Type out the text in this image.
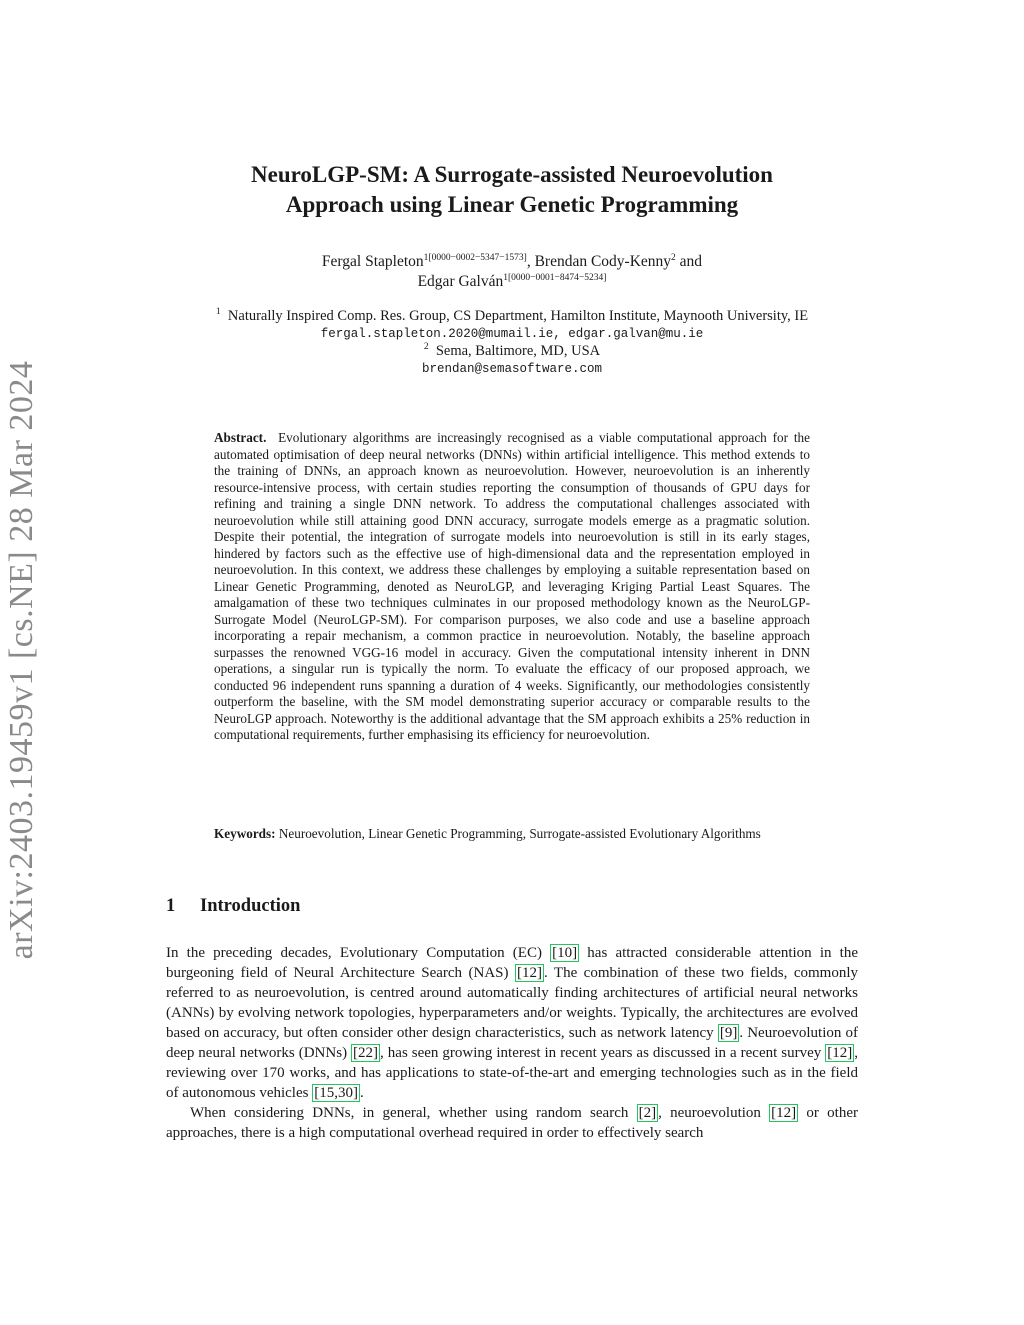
arXiv:2403.19459v1 [cs.NE] 28 Mar 2024
NeuroLGP-SM: A Surrogate-assisted Neuroevolution
Approach using Linear Genetic Programming
Fergal Stapleton$^{1[0000-0002-5347-1573]}$, Brendan Cody-Kenny$^2$ and
Edgar Galván$^{1[0000-0001-8474-5234]}$
$^1$ Naturally Inspired Comp. Res. Group, CS Department, Hamilton Institute, Maynooth University, IE
fergal.stapleton.2020@mumail.ie, edgar.galvan@mu.ie
$^2$ Sema, Baltimore, MD, USA
brendan@semasoftware.com

Abstract. Evolutionary algorithms are increasingly recognised as a viable computational approach for the automated optimisation of deep neural networks (DNNs) within artificial intelligence. This method extends to the training of DNNs, an approach known as neuroevolution. However, neuroevolution is an inherently resource-intensive process, with certain studies reporting the consumption of thousands of GPU days for refining and training a single DNN network. To address the computational challenges associated with neuroevolution while still attaining good DNN accuracy, surrogate models emerge as a pragmatic solution. Despite their potential, the integration of surrogate models into neuroevolution is still in its early stages, hindered by factors such as the effective use of high-dimensional data and the representation employed in neuroevolution. In this context, we address these challenges by employing a suitable representation based on Linear Genetic Programming, denoted as NeuroLGP, and leveraging Kriging Partial Least Squares. The amalgamation of these two techniques culminates in our proposed methodology known as the NeuroLGP-Surrogate Model (NeuroLGP-SM). For comparison purposes, we also code and use a baseline approach incorporating a repair mechanism, a common practice in neuroevolution. Notably, the baseline approach surpasses the renowned VGG-16 model in accuracy. Given the computational intensity inherent in DNN operations, a singular run is typically the norm. To evaluate the efficacy of our proposed approach, we conducted 96 independent runs spanning a duration of 4 weeks. Significantly, our methodologies consistently outperform the baseline, with the SM model demonstrating superior accuracy or comparable results to the NeuroLGP approach. Noteworthy is the additional advantage that the SM approach exhibits a 25% reduction in computational requirements, further emphasising its efficiency for neuroevolution.

Keywords: Neuroevolution, Linear Genetic Programming, Surrogate-assisted Evolutionary Algorithms

1 Introduction

In the preceding decades, Evolutionary Computation (EC) [10] has attracted considerable attention in the burgeoning field of Neural Architecture Search (NAS) [12] . The combination of these two fields, commonly referred to as neuroevolution, is centred around automatically finding architectures of artificial neural networks (ANNs) by evolving network topologies, hyperparameters and/or weights. Typically, the architectures are evolved based on accuracy, but often consider other design characteristics, such as network latency [9] . Neuroevolution of deep neural networks (DNNs) [22] , has seen growing interest in recent years as discussed in a recent survey [12] , reviewing over 170 works, and has applications to state-of-the-art and emerging technologies such as in the field of autonomous vehicles [15,30] .

When considering DNNs, in general, whether using random search [2] , neuroevolution [12] or other approaches, there is a high computational overhead required in order to effectively search
